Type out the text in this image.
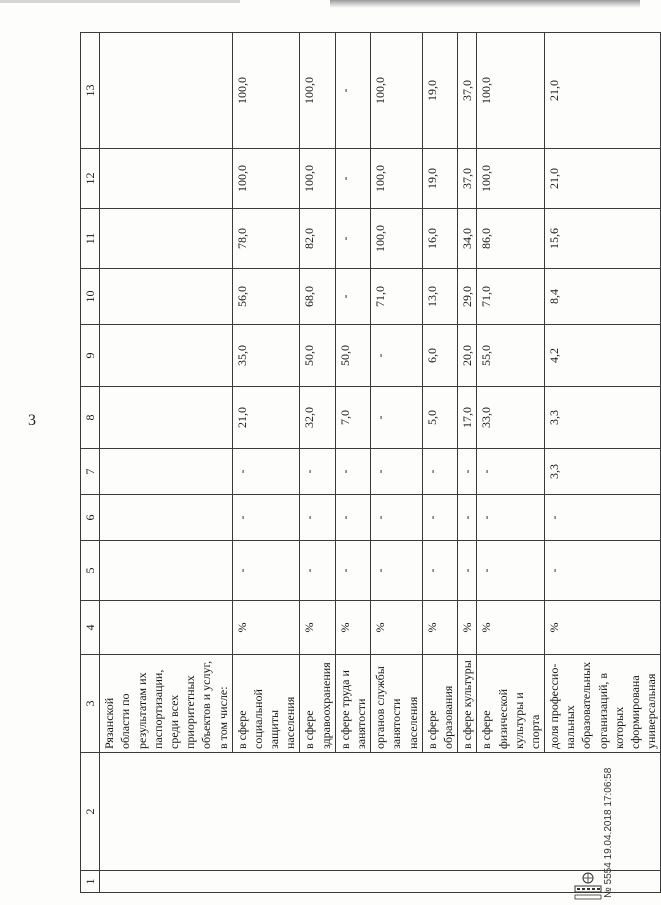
3
1	2	3	4	5	6	7	8	9	10	11	12	13
		Рязанской области по результатам их паспортизации, среди всех приоритетных объектов и услуг, в том числе:										
		в сфере социальной защиты населения	%	-	-	-	21,0	35,0	56,0	78,0	100,0	100,0
		в сфере здравоохранения	%	-	-	-	32,0	50,0	68,0	82,0	100,0	100,0
		в сфере труда и занятости	%	-	-	-	7,0	50,0	-	-	-	-
		органов службы занятости населения	%	-	-	-	-	-	71,0	100,0	100,0	100,0
		в сфере образования	%	-	-	-	5,0	6,0	13,0	16,0	19,0	19,0
		в сфере культуры	%	-	-	-	17,0	20,0	29,0	34,0	37,0	37,0
		в сфере физической культуры и спорта	%	-	-	-	33,0	55,0	71,0	86,0	100,0	100,0
		доля профессио-нальных образовательных организаций, в которых сформирована универсальная	%	-	-	3,3	3,3	4,2	8,4	15,6	21,0	21,0
№ 5554 19.04.2018 17:06:58
